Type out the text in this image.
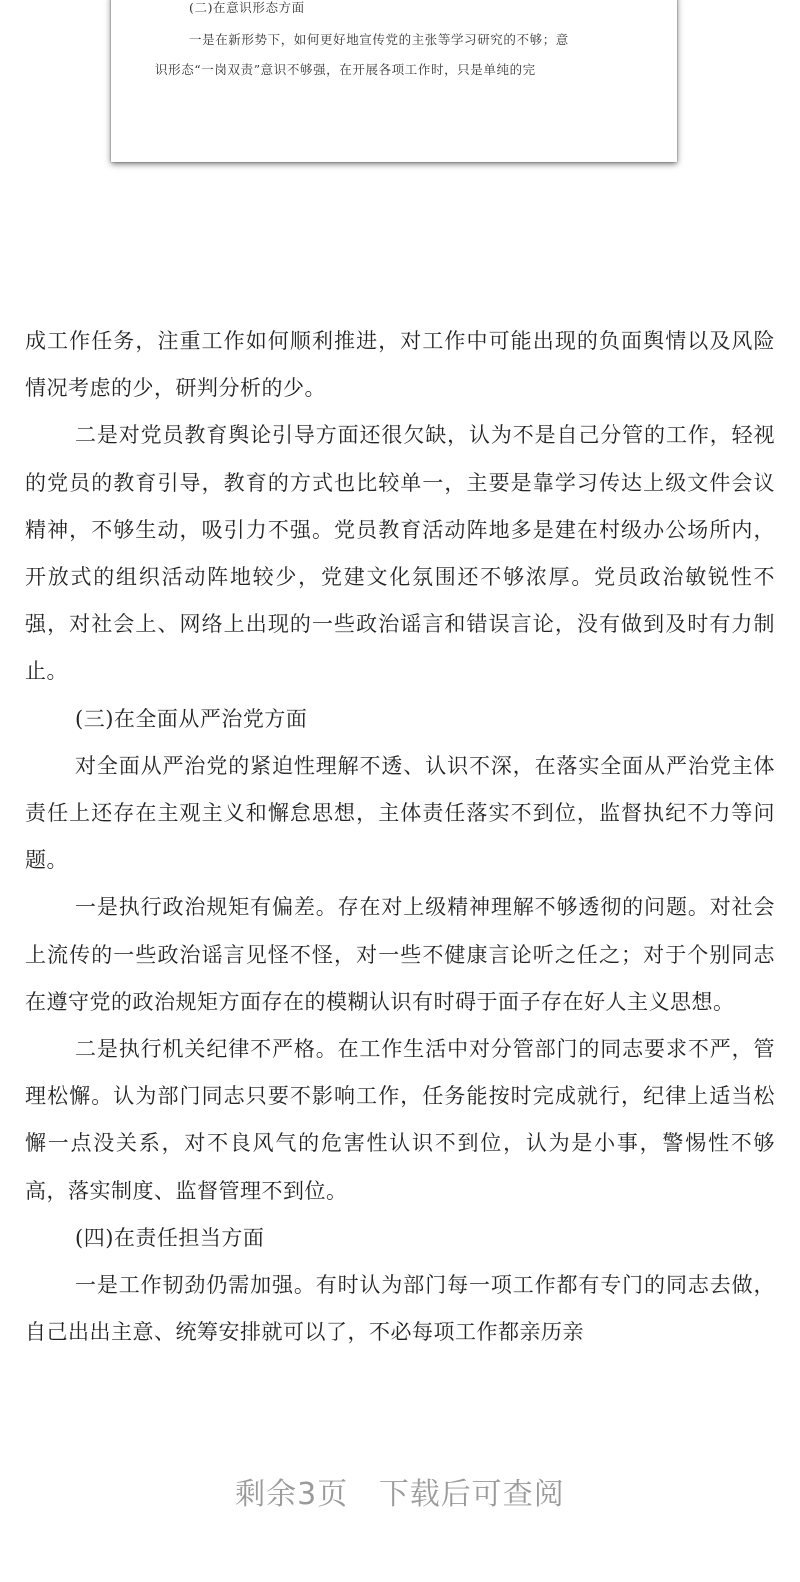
(二)在意识形态方面

一是在新形势下，如何更好地宣传党的主张等学习研究的不够；意

识形态“一岗双责”意识不够强，在开展各项工作时，只是单纯的完

成工作任务，注重工作如何顺利推进，对工作中可能出现的负面舆情以及风险情况考虑的少，研判分析的少。

二是对党员教育舆论引导方面还很欠缺，认为不是自己分管的工作，轻视的党员的教育引导，教育的方式也比较单一，主要是靠学习传达上级文件会议精神，不够生动，吸引力不强。党员教育活动阵地多是建在村级办公场所内，开放式的组织活动阵地较少，党建文化氛围还不够浓厚。党员政治敏锐性不强，对社会上、网络上出现的一些政治谣言和错误言论，没有做到及时有力制止。

(三)在全面从严治党方面

对全面从严治党的紧迫性理解不透、认识不深，在落实全面从严治党主体责任上还存在主观主义和懈怠思想，主体责任落实不到位，监督执纪不力等问题。

一是执行政治规矩有偏差。存在对上级精神理解不够透彻的问题。对社会上流传的一些政治谣言见怪不怪，对一些不健康言论听之任之；对于个别同志在遵守党的政治规矩方面存在的模糊认识有时碍于面子存在好人主义思想。

二是执行机关纪律不严格。在工作生活中对分管部门的同志要求不严，管理松懈。认为部门同志只要不影响工作，任务能按时完成就行，纪律上适当松懈一点没关系，对不良风气的危害性认识不到位，认为是小事，警惕性不够高，落实制度、监督管理不到位。

(四)在责任担当方面

一是工作韧劲仍需加强。有时认为部门每一项工作都有专门的同志去做，自己出出主意、统筹安排就可以了，不必每项工作都亲历亲

剩余3页 下载后可查阅
